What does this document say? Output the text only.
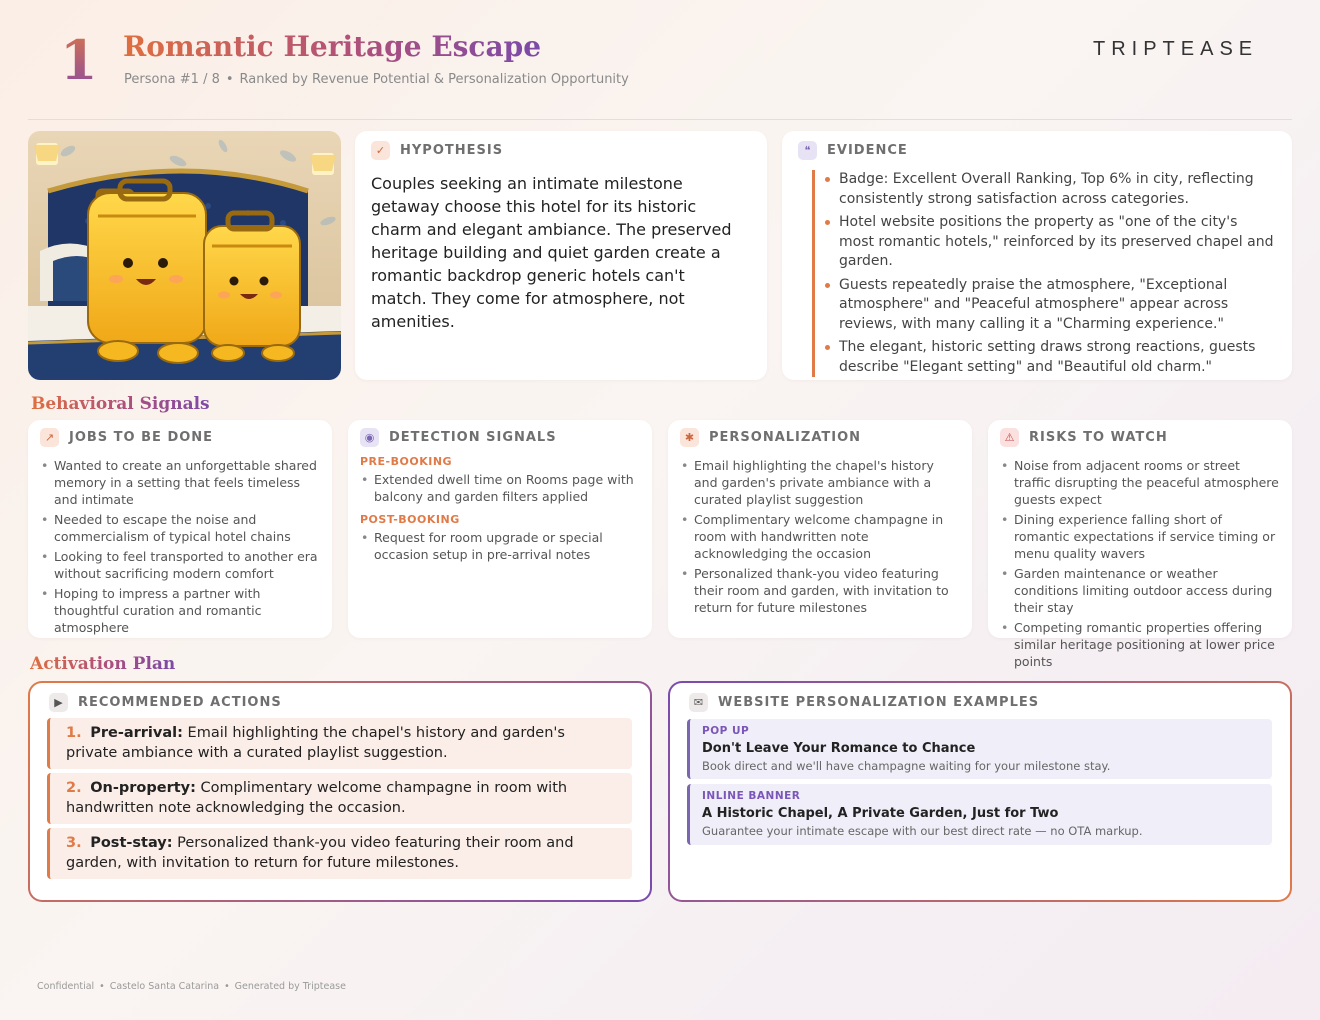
1 Romantic Heritage Escape
Persona #1 / 8 • Ranked by Revenue Potential & Personalization Opportunity
TRIPTEASE
✓	HYPOTHESIS
Couples seeking an intimate milestone getaway choose this hotel for its historic charm and elegant ambiance. The preserved heritage building and quiet garden create a romantic backdrop generic hotels can't match. They come for atmosphere, not amenities.
❝	EVIDENCE
Badge: Excellent Overall Ranking, Top 6% in city, reflecting consistently strong satisfaction across categories.
Hotel website positions the property as "one of the city's most romantic hotels," reinforced by its preserved chapel and garden.
Guests repeatedly praise the atmosphere, "Exceptional atmosphere" and "Peaceful atmosphere" appear across reviews, with many calling it a "Charming experience."
The elegant, historic setting draws strong reactions, guests describe "Elegant setting" and "Beautiful old charm."
Behavioral Signals
↗	JOBS TO BE DONE
• Wanted to create an unforgettable shared memory in a setting that feels timeless and intimate
• Needed to escape the noise and commercialism of typical hotel chains
• Looking to feel transported to another era without sacrificing modern comfort
• Hoping to impress a partner with thoughtful curation and romantic atmosphere
◉	DETECTION SIGNALS
PRE-BOOKING
• Extended dwell time on Rooms page with balcony and garden filters applied
POST-BOOKING
• Request for room upgrade or special occasion setup in pre-arrival notes
✱	PERSONALIZATION
• Email highlighting the chapel's history and garden's private ambiance with a curated playlist suggestion
• Complimentary welcome champagne in room with handwritten note acknowledging the occasion
• Personalized thank-you video featuring their room and garden, with invitation to return for future milestones
⚠	RISKS TO WATCH
• Noise from adjacent rooms or street traffic disrupting the peaceful atmosphere guests expect
• Dining experience falling short of romantic expectations if service timing or menu quality wavers
• Garden maintenance or weather conditions limiting outdoor access during their stay
• Competing romantic properties offering similar heritage positioning at lower price points
Activation Plan
▶	RECOMMENDED ACTIONS
1. Pre-arrival: Email highlighting the chapel's history and garden's private ambiance with a curated playlist suggestion.
2. On-property: Complimentary welcome champagne in room with handwritten note acknowledging the occasion.
3. Post-stay: Personalized thank-you video featuring their room and garden, with invitation to return for future milestones.
✉	WEBSITE PERSONALIZATION EXAMPLES
POP UP
Don't Leave Your Romance to Chance
Book direct and we'll have champagne waiting for your milestone stay.
INLINE BANNER
A Historic Chapel, A Private Garden, Just for Two
Guarantee your intimate escape with our best direct rate — no OTA markup.
Confidential • Castelo Santa Catarina • Generated by Triptease
